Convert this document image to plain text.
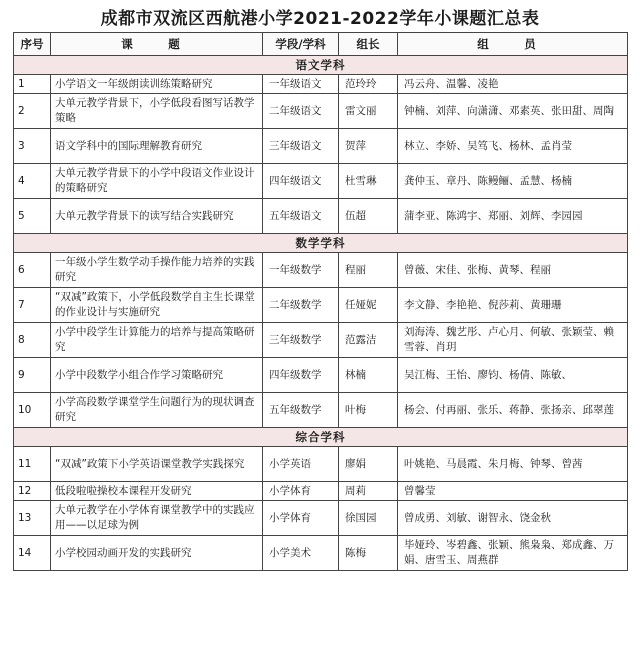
成都市双流区西航港小学2021-2022学年小课题汇总表
序号	课　题	学段/学科	组长	组　员
语文学科				
1	小学语文一年级朗读训练策略研究	一年级语文	范玲玲	冯云舟、温馨、凌艳
2	大单元教学背景下，小学低段看图写话教学策略	二年级语文	雷文丽	钟楠、刘萍、向潇潇、邓素英、张田甜、周陶
3	语文学科中的国际理解教育研究	三年级语文	贺萍	林立、李娇、吴笃飞、杨林、孟肖莹
4	大单元教学背景下的小学中段语文作业设计的策略研究	四年级语文	杜雪琳	龚仲玉、章丹、陈鳗鲡、孟慧、杨楠
5	大单元教学背景下的读写结合实践研究	五年级语文	伍超	蒲李亚、陈鸿宇、郑丽、刘辉、李园园
数学学科				
6	一年级小学生数学动手操作能力培养的实践研究	一年级数学	程丽	曾薇、宋佳、张梅、黄琴、程丽
7	“双减”政策下，小学低段数学自主生长课堂的作业设计与实施研究	二年级数学	任娅妮	李文静、李艳艳、倪莎莉、黄珊珊
8	小学中段学生计算能力的培养与提高策略研究	三年级数学	范露洁	刘海涛、魏艺彤、卢心月、何敏、张颖莹、赖雪蓉、肖玥
9	小学中段数学小组合作学习策略研究	四年级数学	林楠	吴江梅、王怡、廖钧、杨倩、陈敏、
10	小学高段数学课堂学生问题行为的现状调查研究	五年级数学	叶梅	杨会、付再丽、张乐、蒋静、张扬亲、邱翠莲
综合学科				
11	“双减”政策下小学英语课堂教学实践探究	小学英语	廖娟	叶姚艳、马晨霞、朱月梅、钟琴、曾茜
12	低段啦啦操校本课程开发研究	小学体育	周莉	曾馨莹
13	大单元教学在小学体育课堂教学中的实践应用——以足球为例	小学体育	徐国园	曾成勇、刘敏、谢智永、饶金秋
14	小学校园动画开发的实践研究	小学美术	陈梅	毕娅玲、岑碧鑫、张颖、熊枭枭、郑成鑫、万娟、唐雪玉、周燕群
